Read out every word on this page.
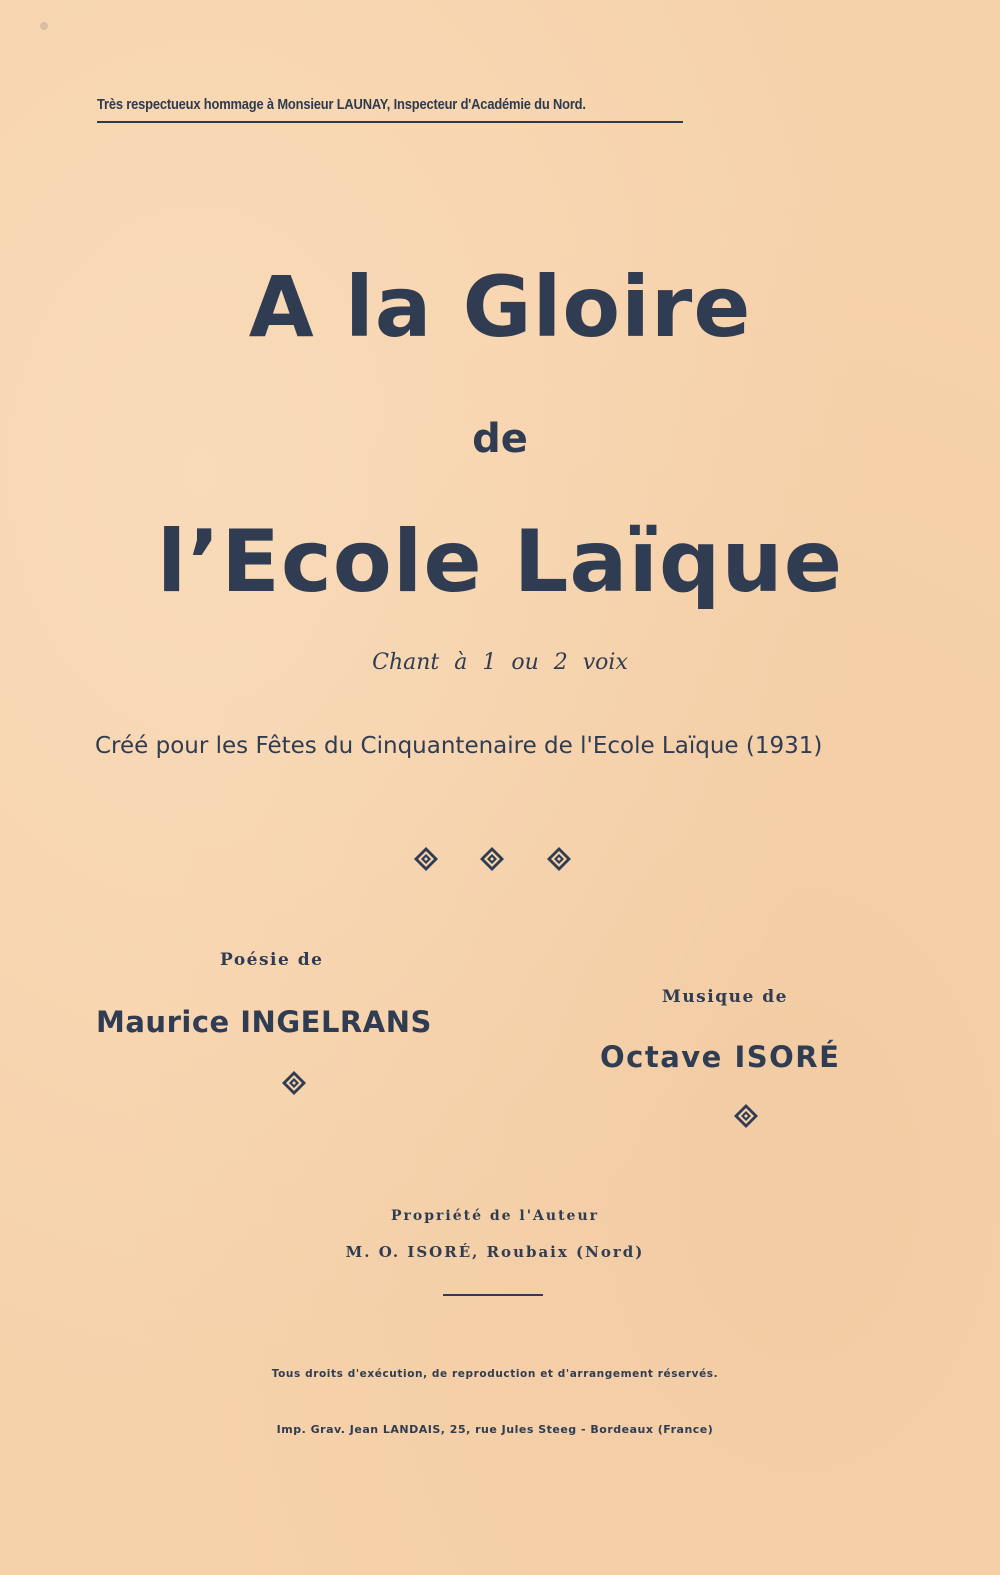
Très respectueux hommage à Monsieur LAUNAY, Inspecteur d'Académie du Nord.
A la Gloire
de
l’Ecole Laïque
Chant à 1 ou 2 voix
Créé pour les Fêtes du Cinquantenaire de l'Ecole Laïque (1931)
Poésie de
Maurice INGELRANS
Musique de
Octave ISORÉ
Propriété de l'Auteur
M. O. ISORÉ, Roubaix (Nord)
Tous droits d'exécution, de reproduction et d'arrangement réservés.
Imp. Grav. Jean LANDAIS, 25, rue Jules Steeg - Bordeaux (France)
